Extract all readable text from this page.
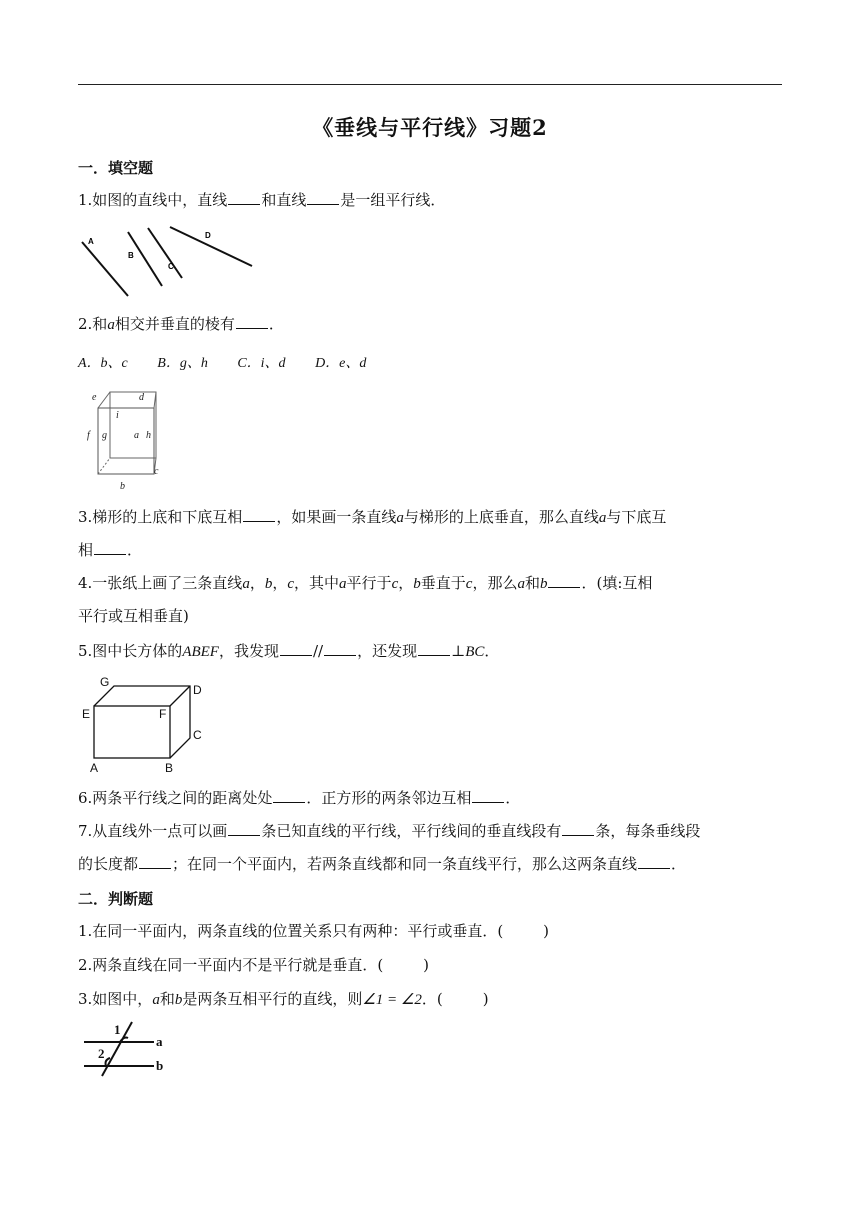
《垂线与平行线》习题2
一．填空题
1.如图的直线中，直线 和直线 是一组平行线．
A
B
C
D
2.和a相交并垂直的棱有 ．
A．b、c B．g、h C．i、d D．e、d
e	d
i
f g	a h
c
b
3.梯形的上底和下底互相 ，如果画一条直线a与梯形的上底垂直，那么直线a与下底互
相 ．
4.一张纸上画了三条直线a，b，c，其中a平行于c，b垂直于c，那么a和b ．(填:互相
平行或互相垂直)
5.图中长方体的ABEF，我发现 // ，还发现 ⊥BC．
G
D
E	F
C
A	B
6.两条平行线之间的距离处处 ．正方形的两条邻边互相 ．
7.从直线外一点可以画 条已知直线的平行线，平行线间的垂直线段有 条，每条垂线段
的长度都 ；在同一个平面内，若两条直线都和同一条直线平行，那么这两条直线 ．
二．判断题
1.在同一平面内，两条直线的位置关系只有两种：平行或垂直．(	)
2.两条直线在同一平面内不是平行就是垂直．(	)
3.如图中，a和b是两条互相平行的直线，则∠1 = ∠2．(	)
1
2
a
b
